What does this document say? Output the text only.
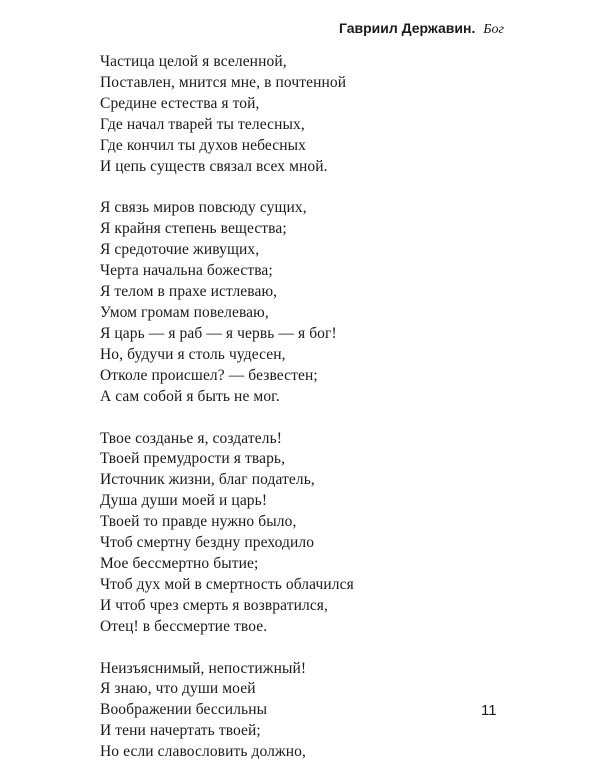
Гавриил Державин. Бог
Частица целой я вселенной,
Поставлен, мнится мне, в почтенной
Средине естества я той,
Где начал тварей ты телесных,
Где кончил ты духов небесных
И цепь существ связал всех мной.
Я связь миров повсюду сущих,
Я крайня степень вещества;
Я средоточие живущих,
Черта начальна божества;
Я телом в прахе истлеваю,
Умом громам повелеваю,
Я царь — я раб — я червь — я бог!
Но, будучи я столь чудесен,
Отколе происшел? — безвестен;
А сам собой я быть не мог.
Твое созданье я, создатель!
Твоей премудрости я тварь,
Источник жизни, благ податель,
Душа души моей и царь!
Твоей то правде нужно было,
Чтоб смертну бездну преходило
Мое бессмертно бытие;
Чтоб дух мой в смертность облачился
И чтоб чрез смерть я возвратился,
Отец! в бессмертие твое.
Неизъяснимый, непостижный!
Я знаю, что души моей
Воображении бессильны
И тени начертать твоей;
Но если славословить должно,
11
